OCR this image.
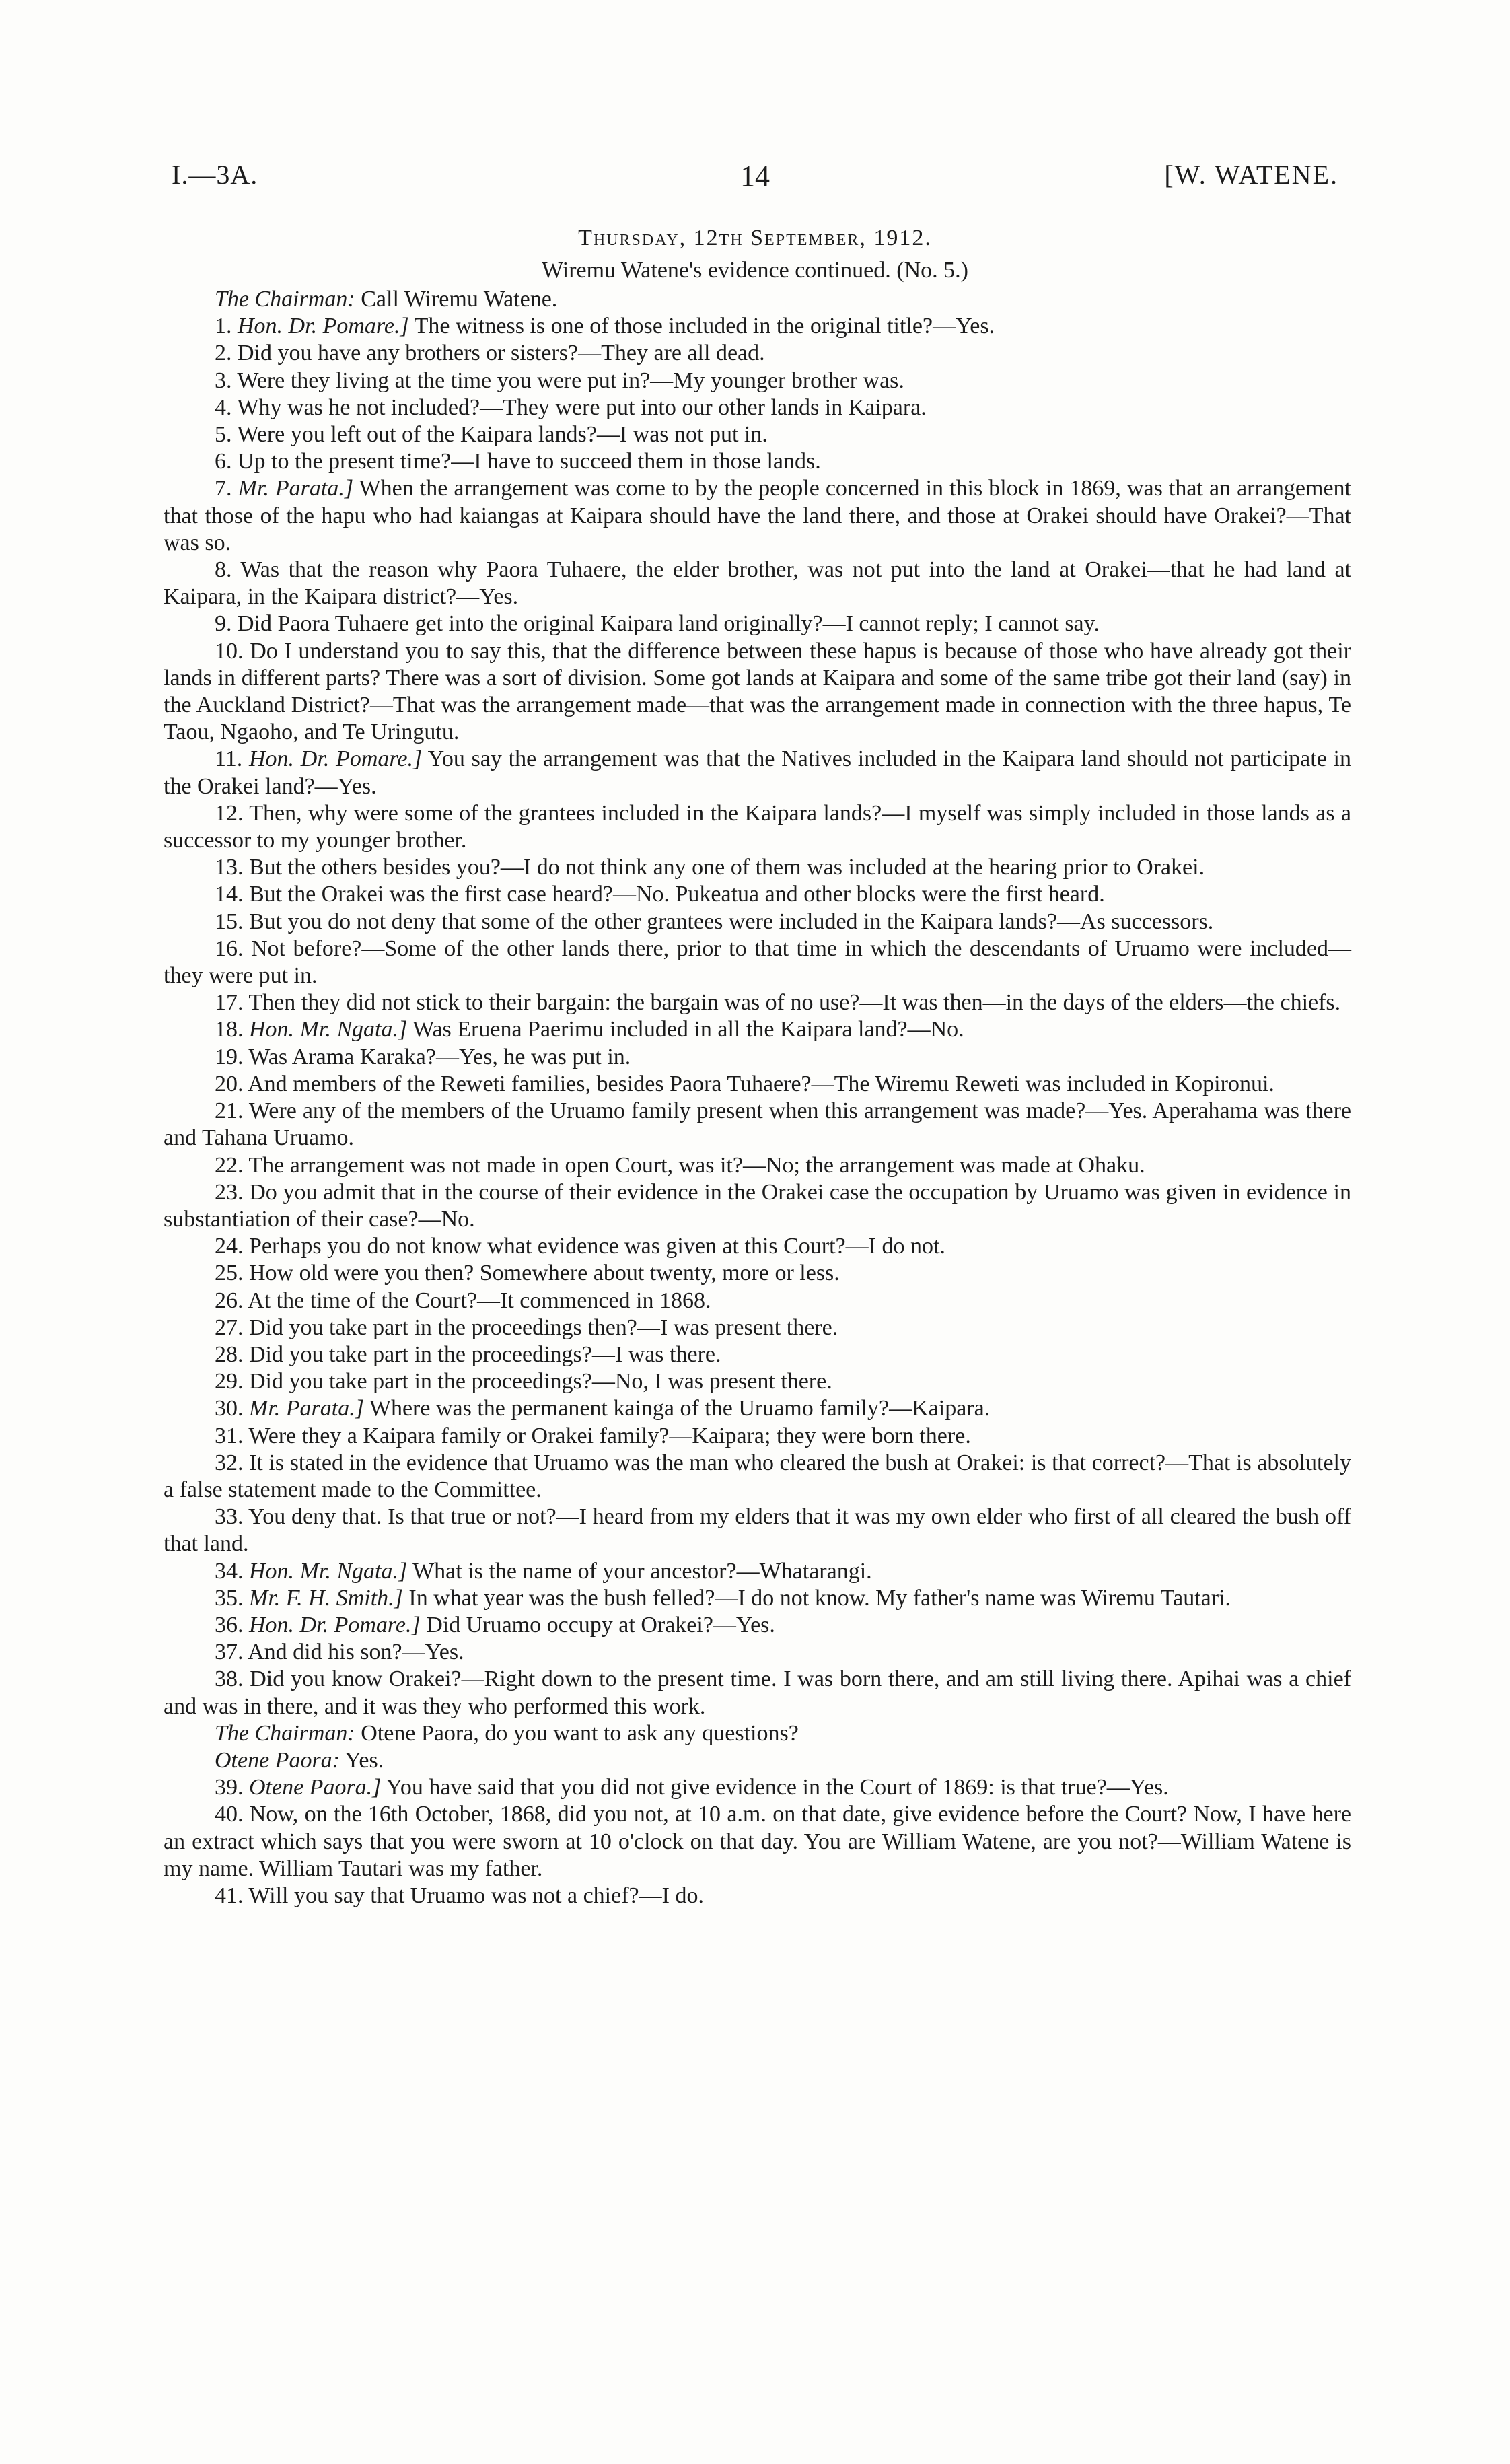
I.—3A.	14	[W. WATENE.
Thursday, 12th September, 1912.
Wiremu Watene's evidence continued. (No. 5.)

The Chairman: Call Wiremu Watene.

1. Hon. Dr. Pomare.] The witness is one of those included in the original title?—Yes.

2. Did you have any brothers or sisters?—They are all dead.

3. Were they living at the time you were put in?—My younger brother was.

4. Why was he not included?—They were put into our other lands in Kaipara.

5. Were you left out of the Kaipara lands?—I was not put in.

6. Up to the present time?—I have to succeed them in those lands.

7. Mr. Parata.] When the arrangement was come to by the people concerned in this block in 1869, was that an arrangement that those of the hapu who had kaiangas at Kaipara should have the land there, and those at Orakei should have Orakei?—That was so.

8. Was that the reason why Paora Tuhaere, the elder brother, was not put into the land at Orakei—that he had land at Kaipara, in the Kaipara district?—Yes.

9. Did Paora Tuhaere get into the original Kaipara land originally?—I cannot reply; I cannot say.

10. Do I understand you to say this, that the difference between these hapus is because of those who have already got their lands in different parts? There was a sort of division. Some got lands at Kaipara and some of the same tribe got their land (say) in the Auckland District?—That was the arrangement made—that was the arrangement made in connection with the three hapus, Te Taou, Ngaoho, and Te Uringutu.

11. Hon. Dr. Pomare.] You say the arrangement was that the Natives included in the Kaipara land should not participate in the Orakei land?—Yes.

12. Then, why were some of the grantees included in the Kaipara lands?—I myself was simply included in those lands as a successor to my younger brother.

13. But the others besides you?—I do not think any one of them was included at the hearing prior to Orakei.

14. But the Orakei was the first case heard?—No. Pukeatua and other blocks were the first heard.

15. But you do not deny that some of the other grantees were included in the Kaipara lands?—As successors.

16. Not before?—Some of the other lands there, prior to that time in which the descendants of Uruamo were included—they were put in.

17. Then they did not stick to their bargain: the bargain was of no use?—It was then—in the days of the elders—the chiefs.

18. Hon. Mr. Ngata.] Was Eruena Paerimu included in all the Kaipara land?—No.

19. Was Arama Karaka?—Yes, he was put in.

20. And members of the Reweti families, besides Paora Tuhaere?—The Wiremu Reweti was included in Kopironui.

21. Were any of the members of the Uruamo family present when this arrangement was made?—Yes. Aperahama was there and Tahana Uruamo.

22. The arrangement was not made in open Court, was it?—No; the arrangement was made at Ohaku.

23. Do you admit that in the course of their evidence in the Orakei case the occupation by Uruamo was given in evidence in substantiation of their case?—No.

24. Perhaps you do not know what evidence was given at this Court?—I do not.

25. How old were you then? Somewhere about twenty, more or less.

26. At the time of the Court?—It commenced in 1868.

27. Did you take part in the proceedings then?—I was present there.

28. Did you take part in the proceedings?—I was there.

29. Did you take part in the proceedings?—No, I was present there.

30. Mr. Parata.] Where was the permanent kainga of the Uruamo family?—Kaipara.

31. Were they a Kaipara family or Orakei family?—Kaipara; they were born there.

32. It is stated in the evidence that Uruamo was the man who cleared the bush at Orakei: is that correct?—That is absolutely a false statement made to the Committee.

33. You deny that. Is that true or not?—I heard from my elders that it was my own elder who first of all cleared the bush off that land.

34. Hon. Mr. Ngata.] What is the name of your ancestor?—Whatarangi.

35. Mr. F. H. Smith.] In what year was the bush felled?—I do not know. My father's name was Wiremu Tautari.

36. Hon. Dr. Pomare.] Did Uruamo occupy at Orakei?—Yes.

37. And did his son?—Yes.

38. Did you know Orakei?—Right down to the present time. I was born there, and am still living there. Apihai was a chief and was in there, and it was they who performed this work.

The Chairman: Otene Paora, do you want to ask any questions?

Otene Paora: Yes.

39. Otene Paora.] You have said that you did not give evidence in the Court of 1869: is that true?—Yes.

40. Now, on the 16th October, 1868, did you not, at 10 a.m. on that date, give evidence before the Court? Now, I have here an extract which says that you were sworn at 10 o'clock on that day. You are William Watene, are you not?—William Watene is my name. William Tautari was my father.

41. Will you say that Uruamo was not a chief?—I do.
